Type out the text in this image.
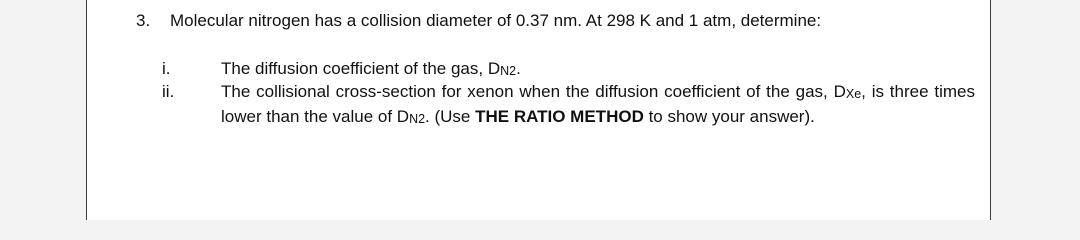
3. Molecular nitrogen has a collision diameter of 0.37 nm. At 298 K and 1 atm, determine:
i.	The diffusion coefficient of the gas, DN2.
ii.	The collisional cross-section for xenon when the diffusion coefficient of the gas, DXe, is three times lower than the value of DN2. (Use THE RATIO METHOD to show your answer).
